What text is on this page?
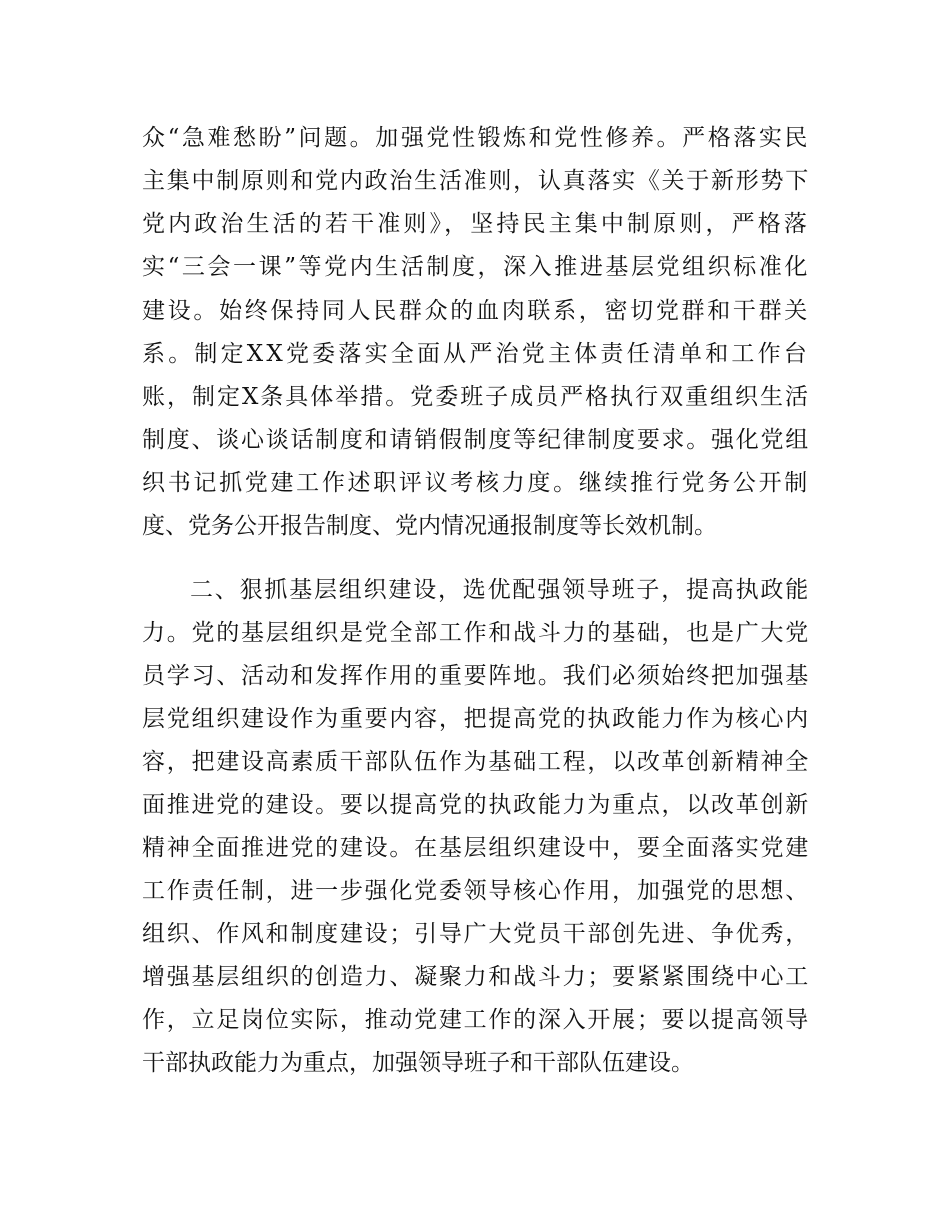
众“急难愁盼”问题。加强党性锻炼和党性修养。严格落实民

主集中制原则和党内政治生活准则，认真落实《关于新形势下

党内政治生活的若干准则》，坚持民主集中制原则，严格落

实“三会一课”等党内生活制度，深入推进基层党组织标准化

建设。始终保持同人民群众的血肉联系，密切党群和干群关

系。制定XX党委落实全面从严治党主体责任清单和工作台

账，制定X条具体举措。党委班子成员严格执行双重组织生活

制度、谈心谈话制度和请销假制度等纪律制度要求。强化党组

织书记抓党建工作述职评议考核力度。继续推行党务公开制

度、党务公开报告制度、党内情况通报制度等长效机制。

二、狠抓基层组织建设，选优配强领导班子，提高执政能

力。党的基层组织是党全部工作和战斗力的基础，也是广大党

员学习、活动和发挥作用的重要阵地。我们必须始终把加强基

层党组织建设作为重要内容，把提高党的执政能力作为核心内

容，把建设高素质干部队伍作为基础工程，以改革创新精神全

面推进党的建设。要以提高党的执政能力为重点，以改革创新

精神全面推进党的建设。在基层组织建设中，要全面落实党建

工作责任制，进一步强化党委领导核心作用，加强党的思想、

组织、作风和制度建设；引导广大党员干部创先进、争优秀，

增强基层组织的创造力、凝聚力和战斗力；要紧紧围绕中心工

作，立足岗位实际，推动党建工作的深入开展；要以提高领导

干部执政能力为重点，加强领导班子和干部队伍建设。
